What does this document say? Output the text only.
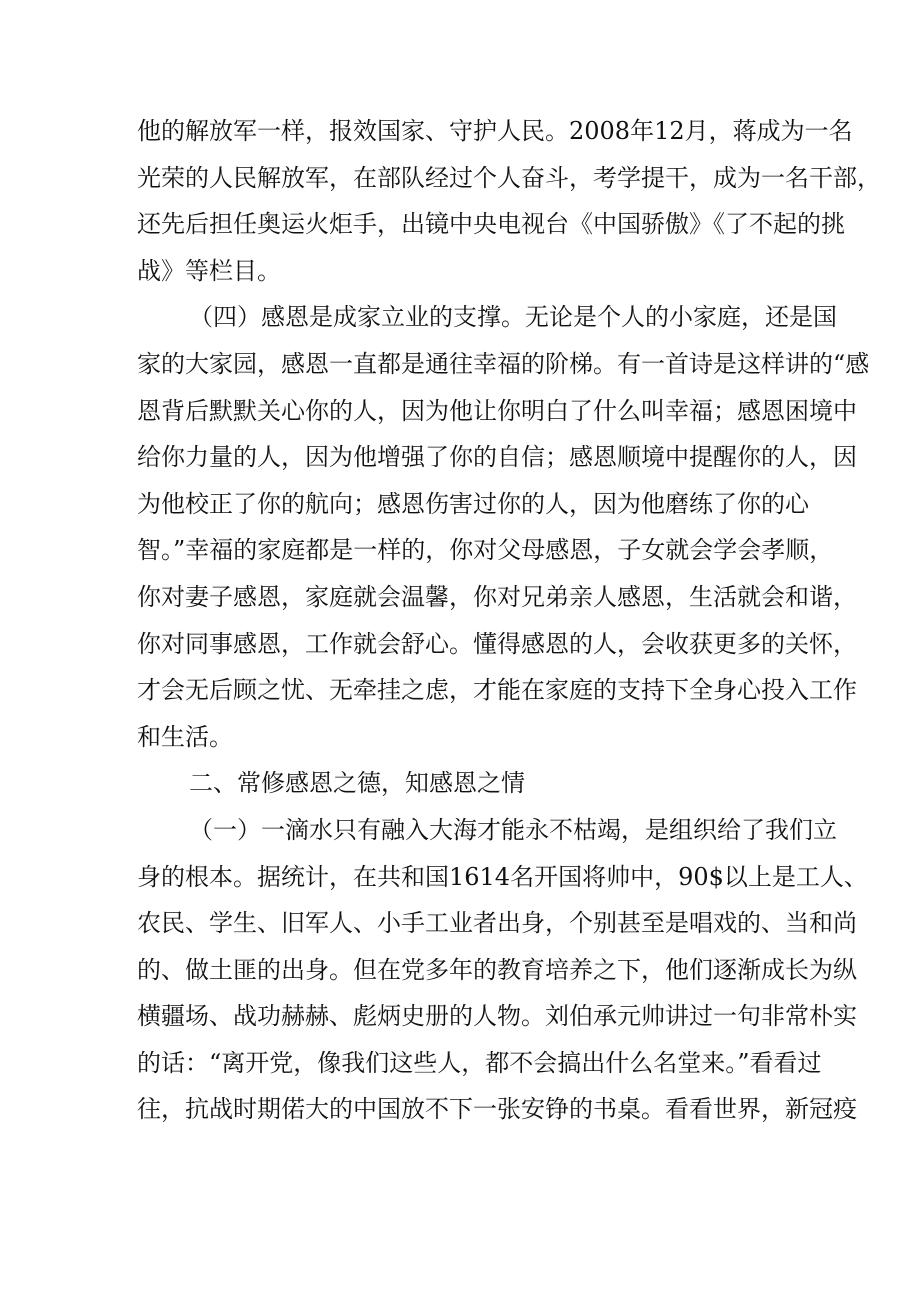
他的解放军一样，报效国家、守护人民。2008年12月，蒋成为一名
光荣的人民解放军，在部队经过个人奋斗，考学提干，成为一名干部，
还先后担任奥运火炬手，出镜中央电视台《中国骄傲》《了不起的挑
战》等栏目。
（四）感恩是成家立业的支撑。无论是个人的小家庭，还是国
家的大家园，感恩一直都是通往幸福的阶梯。有一首诗是这样讲的“感
恩背后默默关心你的人，因为他让你明白了什么叫幸福；感恩困境中
给你力量的人，因为他增强了你的自信；感恩顺境中提醒你的人，因
为他校正了你的航向；感恩伤害过你的人，因为他磨练了你的心
智。”幸福的家庭都是一样的，你对父母感恩，子女就会学会孝顺，
你对妻子感恩，家庭就会温馨，你对兄弟亲人感恩，生活就会和谐，
你对同事感恩，工作就会舒心。懂得感恩的人，会收获更多的关怀，
才会无后顾之忧、无牵挂之虑，才能在家庭的支持下全身心投入工作
和生活。
二、常修感恩之德，知感恩之情
（一）一滴水只有融入大海才能永不枯竭，是组织给了我们立
身的根本。据统计，在共和国1614名开国将帅中，90$以上是工人、
农民、学生、旧军人、小手工业者出身，个别甚至是唱戏的、当和尚
的、做土匪的出身。但在党多年的教育培养之下，他们逐渐成长为纵
横疆场、战功赫赫、彪炳史册的人物。刘伯承元帅讲过一句非常朴实
的话：“离开党，像我们这些人，都不会搞出什么名堂来。”看看过
往，抗战时期偌大的中国放不下一张安铮的书桌。看看世界，新冠疫
